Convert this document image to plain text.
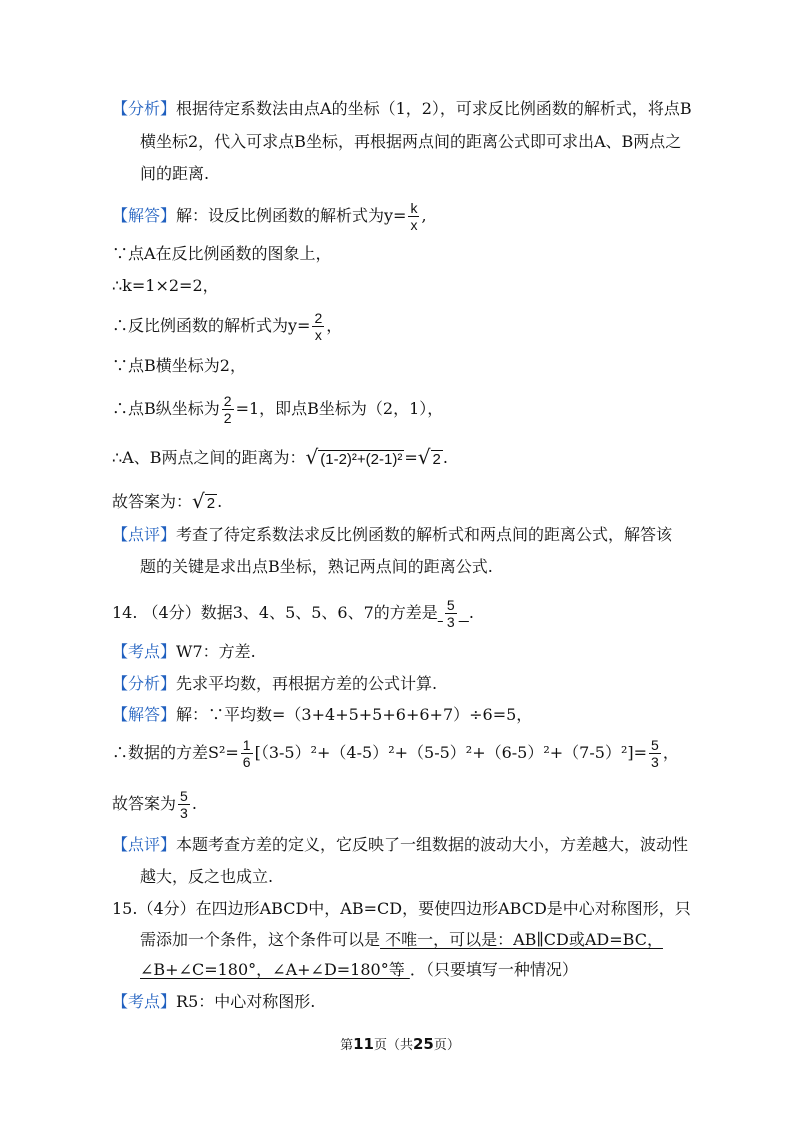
【分析】根据待定系数法由点A的坐标（1，2），可求反比例函数的解析式，将点B
横坐标2，代入可求点B坐标，再根据两点间的距离公式即可求出A、B两点之
间的距离.
【解答】解：设反比例函数的解析式为$y= \frac{k}{x}$ ,
∵点A在反比例函数的图象上，
∴k=1×2=2，
∴反比例函数的解析式为$y= \frac{2}{x}$ ，
∵点B横坐标为2，
∴点B纵坐标为 $\frac{2}{2} =1$，即点B坐标为（2，1），
∴A、B两点之间的距离为：√ (1-2)²+(2-1)² =√ 2 .
故答案为：√ 2 .
【点评】考查了待定系数法求反比例函数的解析式和两点间的距离公式，解答该
题的关键是求出点B坐标，熟记两点间的距离公式.
14. （4分）数据3、4、5、5、6、7的方差是 $\frac{5}{3}$ .
【考点】W7：方差.
【分析】先求平均数，再根据方差的公式计算.
【解答】解：∵平均数=（3+4+5+5+6+6+7）÷6=5，
∴数据的方差$S^2= \frac{1}{6} [(3-5)^2+(4-5)^2+(5-5)^2+(6-5)^2+(7-5)^2]= \frac{5}{3}$ ，
故答案为 $\frac{5}{3}$ .
【点评】本题考查方差的定义，它反映了一组数据的波动大小，方差越大，波动性
越大，反之也成立.
15.（4分）在四边形ABCD中，AB=CD，要使四边形ABCD是中心对称图形，只
需添加一个条件，这个条件可以是 不唯一，可以是：AB∥CD或AD=BC，
∠B+∠C=180°，∠A+∠D=180°等 ．（只要填写一种情况）
【考点】R5：中心对称图形.
第11页（共25页）
